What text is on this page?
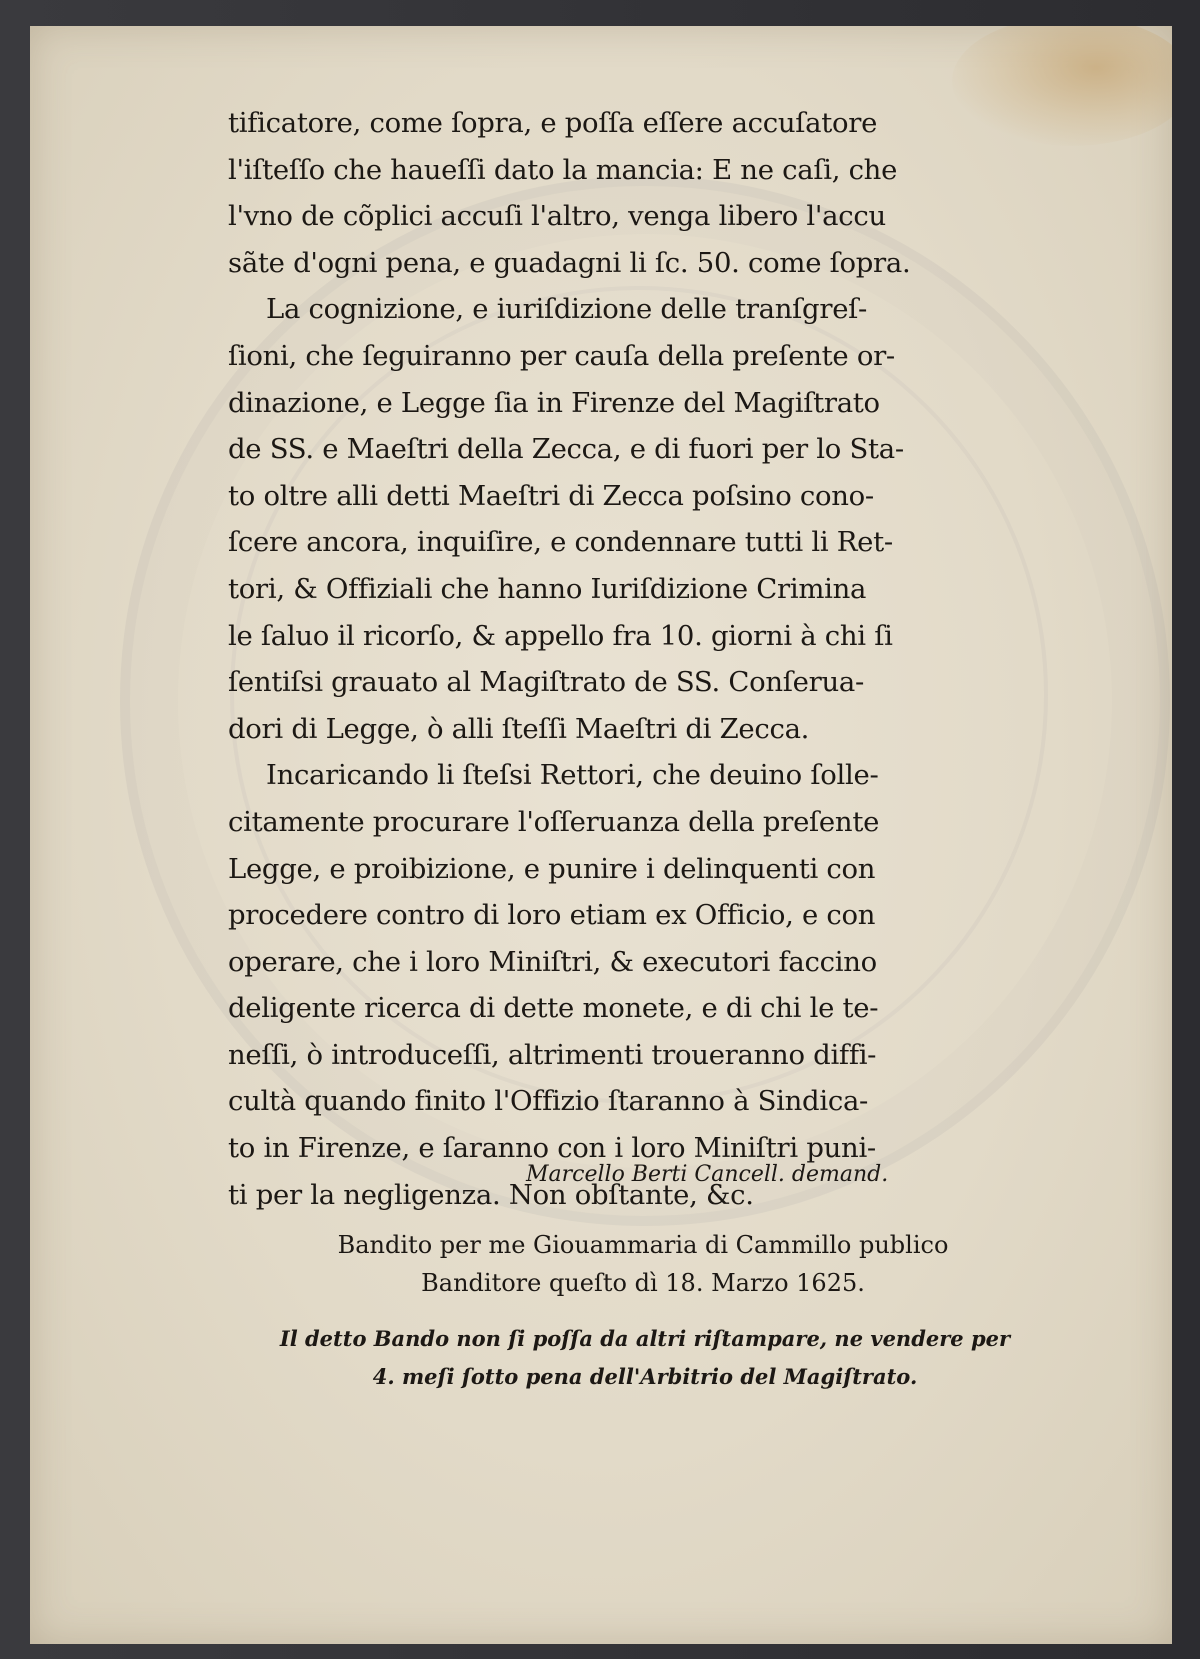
tificatore, come ſopra, e poſſa eſſere accuſatore
l'iſteſſo che haueſſi dato la mancia: E ne caſi, che
l'vno de cõplici accuſi l'altro, venga libero l'accu
sãte d'ogni pena, e guadagni li ſc. 50. come ſopra.
La cognizione, e iuriſdizione delle tranſgreſ-
ſioni, che ſeguiranno per cauſa della preſente or-
dinazione, e Legge ſia in Firenze del Magiſtrato
de SS. e Maeſtri della Zecca, e di fuori per lo Sta-
to oltre alli detti Maeſtri di Zecca poſsino cono-
ſcere ancora, inquiſire, e condennare tutti li Ret-
tori, & Offiziali che hanno Iuriſdizione Crimina
le ſaluo il ricorſo, & appello fra 10. giorni à chi ſi
ſentiſsi grauato al Magiſtrato de SS. Conſerua-
dori di Legge, ò alli ſteſſi Maeſtri di Zecca.
Incaricando li ſteſsi Rettori, che deuino ſolle-
citamente procurare l'oſſeruanza della preſente
Legge, e proibizione, e punire i delinquenti con
procedere contro di loro etiam ex Officio, e con
operare, che i loro Miniſtri, & executori faccino
deligente ricerca di dette monete, e di chi le te-
neſſi, ò introduceſſi, altrimenti troueranno diffi-
cultà quando finito l'Offizio ſtaranno à Sindica-
to in Firenze, e ſaranno con i loro Miniſtri puni-
ti per la negligenza. Non obſtante, &c.
Marcello Berti Cancell. demand.
Bandito per me Giouammaria di Cammillo publico
Banditore queſto dì 18. Marzo 1625.
Il detto Bando non ſi poſſa da altri riſtampare, ne vendere per
4. meſi ſotto pena dell'Arbitrio del Magiſtrato.
